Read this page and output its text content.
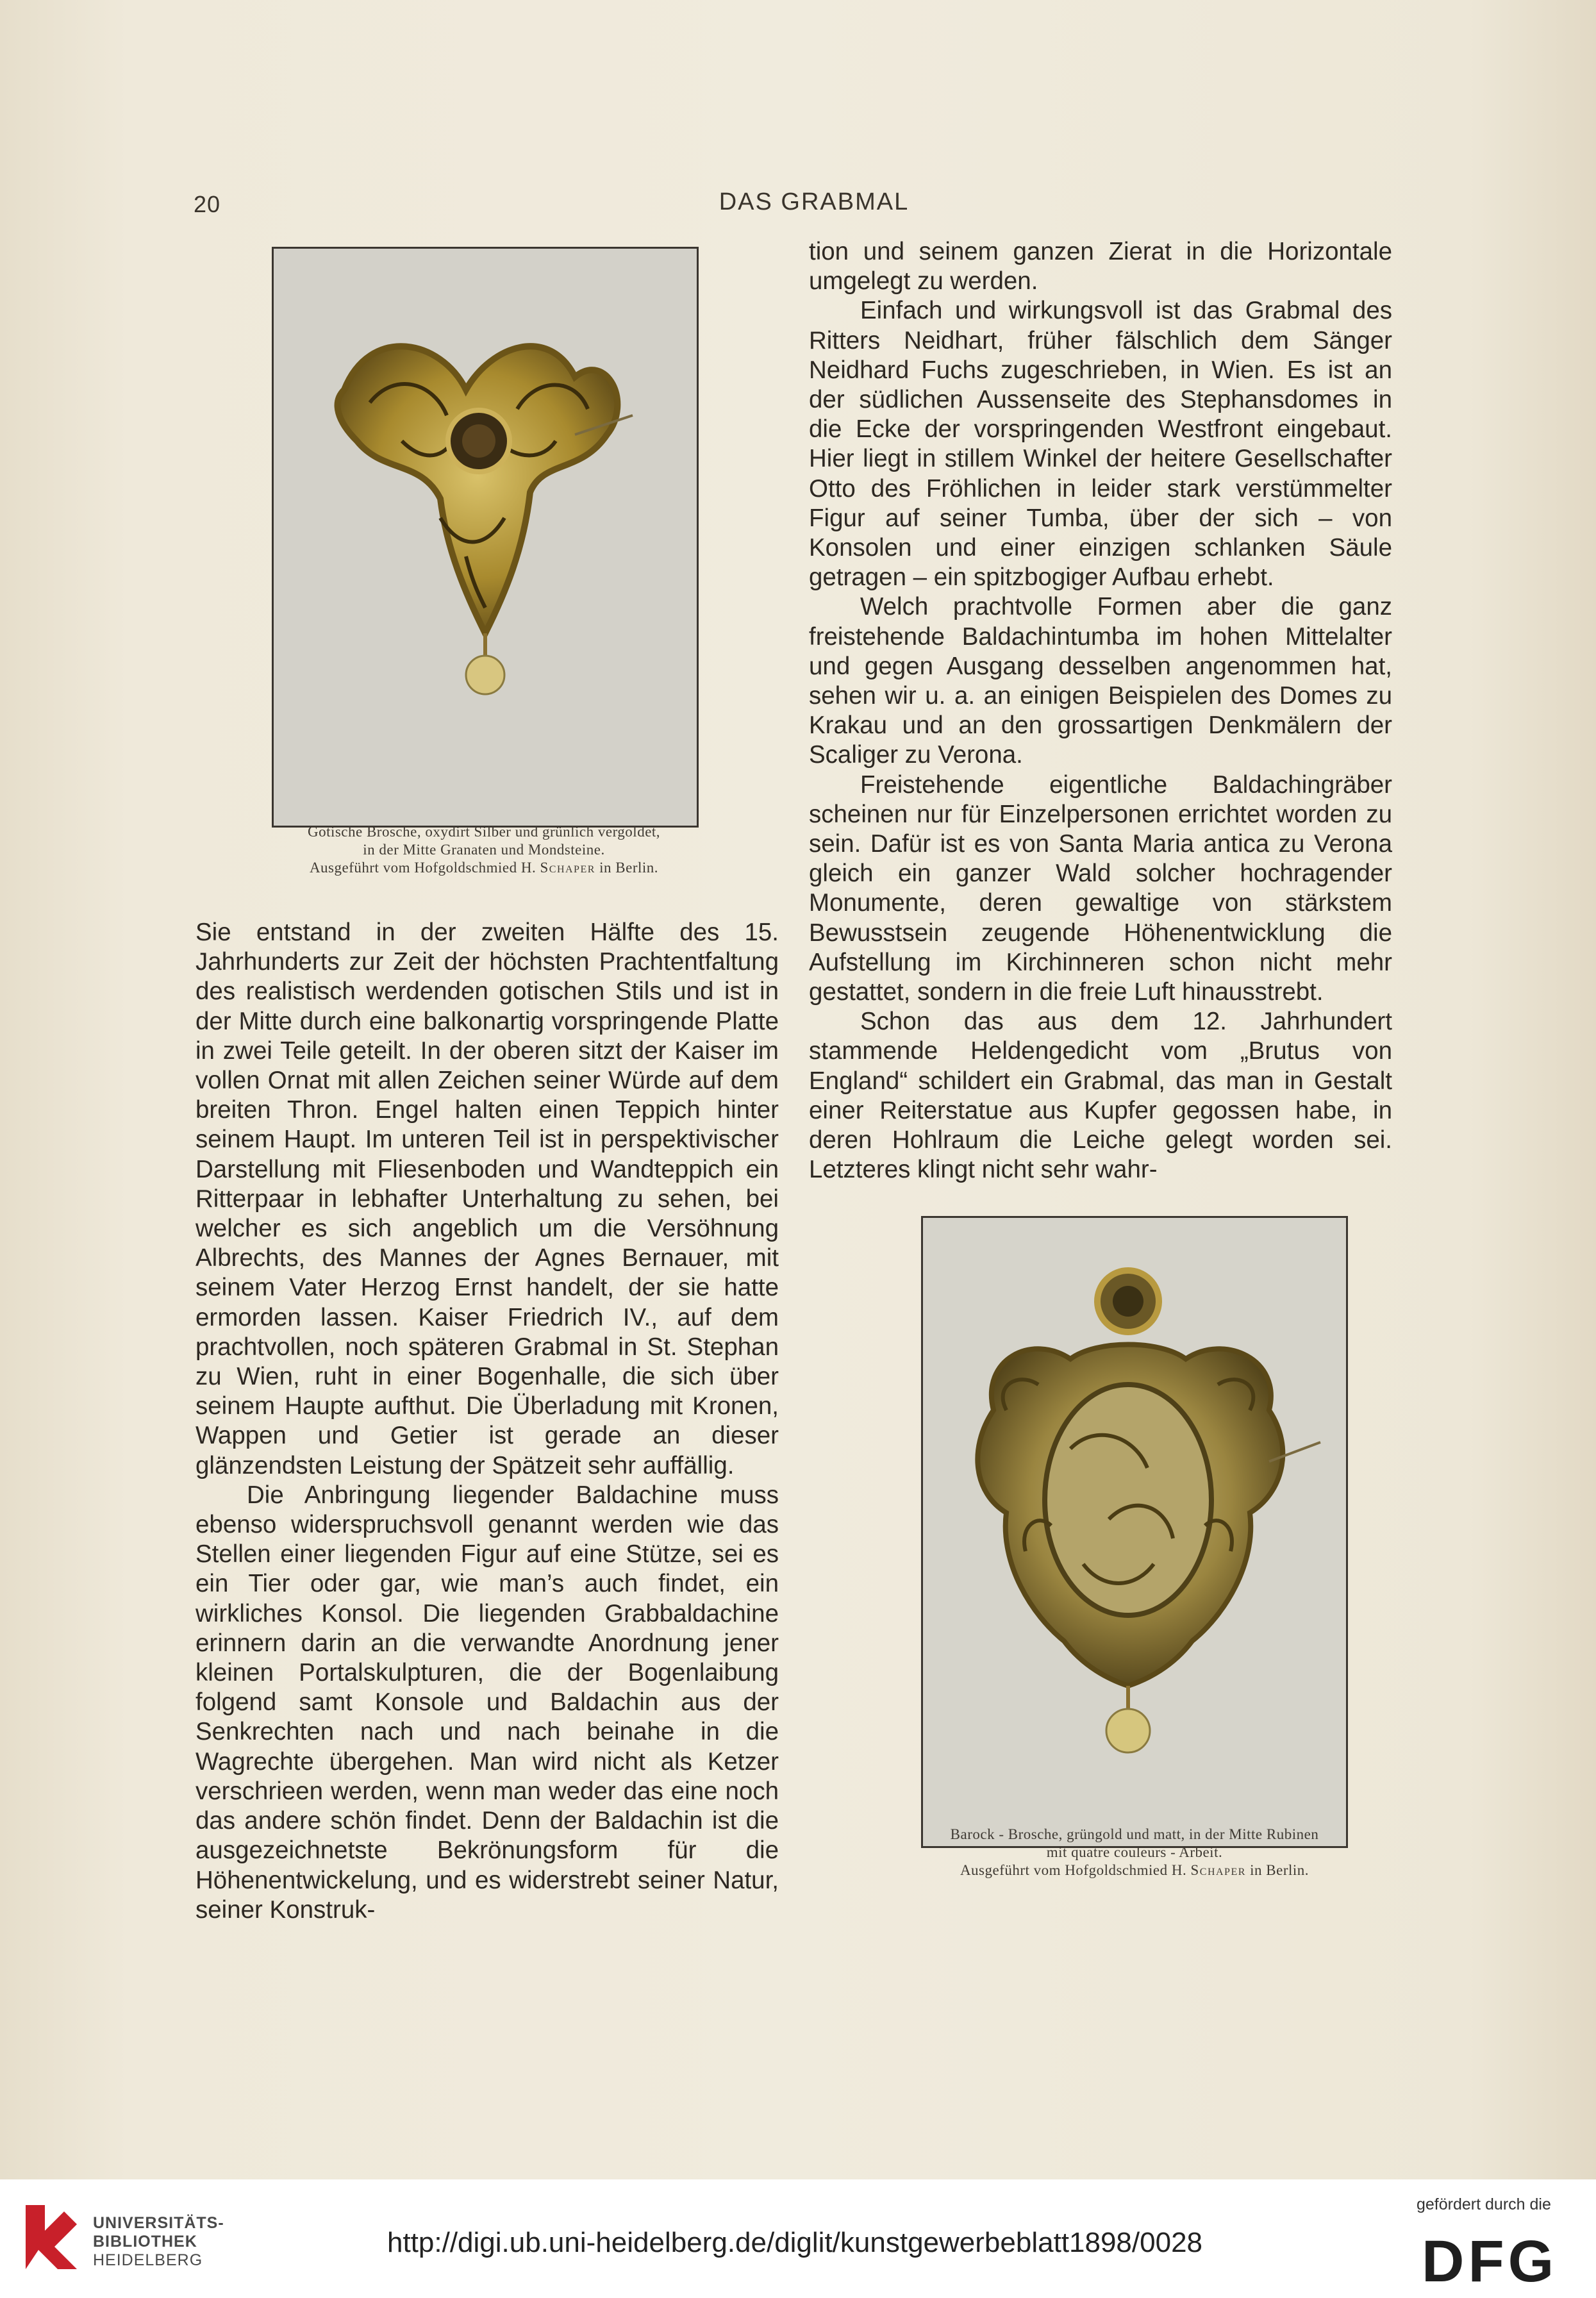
20	DAS GRABMAL
Gotische Brosche, oxydirt Silber und grünlich vergoldet,
in der Mitte Granaten und Mondsteine.
Ausgeführt vom Hofgoldschmied H. Schaper in Berlin.

tion und seinem ganzen Zierat in die Horizontale umgelegt zu werden.

Einfach und wirkungsvoll ist das Grabmal des Ritters Neidhart, früher fälschlich dem Sänger Neidhard Fuchs zugeschrieben, in Wien. Es ist an der südlichen Aussenseite des Stephansdomes in die Ecke der vorspringenden Westfront eingebaut. Hier liegt in stillem Winkel der heitere Gesellschafter Otto des Fröhlichen in leider stark verstümmelter Figur auf seiner Tumba, über der sich – von Konsolen und einer einzigen schlanken Säule getragen – ein spitzbogiger Aufbau erhebt.

Welch prachtvolle Formen aber die ganz freistehende Baldachintumba im hohen Mittelalter und gegen Ausgang desselben angenommen hat, sehen wir u. a. an einigen Beispielen des Domes zu Krakau und an den grossartigen Denkmälern der Scaliger zu Verona.

Freistehende eigentliche Baldachingräber scheinen nur für Einzelpersonen errichtet worden zu sein. Dafür ist es von Santa Maria antica zu Verona gleich ein ganzer Wald solcher hochragender Monumente, deren gewaltige von stärkstem Bewusstsein zeugende Höhenentwicklung die Aufstellung im Kirchinneren schon nicht mehr gestattet, sondern in die freie Luft hinausstrebt.

Schon das aus dem 12. Jahrhundert stammende Heldengedicht vom „Brutus von England“ schildert ein Grabmal, das man in Gestalt einer Reiterstatue aus Kupfer gegossen habe, in deren Hohlraum die Leiche gelegt worden sei. Letzteres klingt nicht sehr wahr-

Sie entstand in der zweiten Hälfte des 15. Jahrhunderts zur Zeit der höchsten Prachtentfaltung des realistisch werdenden gotischen Stils und ist in der Mitte durch eine balkonartig vorspringende Platte in zwei Teile geteilt. In der oberen sitzt der Kaiser im vollen Ornat mit allen Zeichen seiner Würde auf dem breiten Thron. Engel halten einen Teppich hinter seinem Haupt. Im unteren Teil ist in perspektivischer Darstellung mit Fliesenboden und Wandteppich ein Ritterpaar in lebhafter Unterhaltung zu sehen, bei welcher es sich angeblich um die Versöhnung Albrechts, des Mannes der Agnes Bernauer, mit seinem Vater Herzog Ernst handelt, der sie hatte ermorden lassen. Kaiser Friedrich IV., auf dem prachtvollen, noch späteren Grabmal in St. Stephan zu Wien, ruht in einer Bogenhalle, die sich über seinem Haupte aufthut. Die Überladung mit Kronen, Wappen und Getier ist gerade an dieser glänzendsten Leistung der Spätzeit sehr auffällig.

Die Anbringung liegender Baldachine muss ebenso widerspruchsvoll genannt werden wie das Stellen einer liegenden Figur auf eine Stütze, sei es ein Tier oder gar, wie man’s auch findet, ein wirkliches Konsol. Die liegenden Grabbaldachine erinnern darin an die verwandte Anordnung jener kleinen Portalskulpturen, die der Bogenlaibung folgend samt Konsole und Baldachin aus der Senkrechten nach und nach beinahe in die Wagrechte übergehen. Man wird nicht als Ketzer verschrieen werden, wenn man weder das eine noch das andere schön findet. Denn der Baldachin ist die ausgezeichnetste Bekrönungsform für die Höhenentwickelung, und es widerstrebt seiner Natur, seiner Konstruk-

Barock - Brosche, grüngold und matt, in der Mitte Rubinen
mit quatre couleurs - Arbeit.
Ausgeführt vom Hofgoldschmied H. Schaper in Berlin.
UNIVERSITÄTS-
BIBLIOTHEK
HEIDELBERG
http://digi.ub.uni-heidelberg.de/diglit/kunstgewerbeblatt1898/0028
gefördert durch die
DFG
